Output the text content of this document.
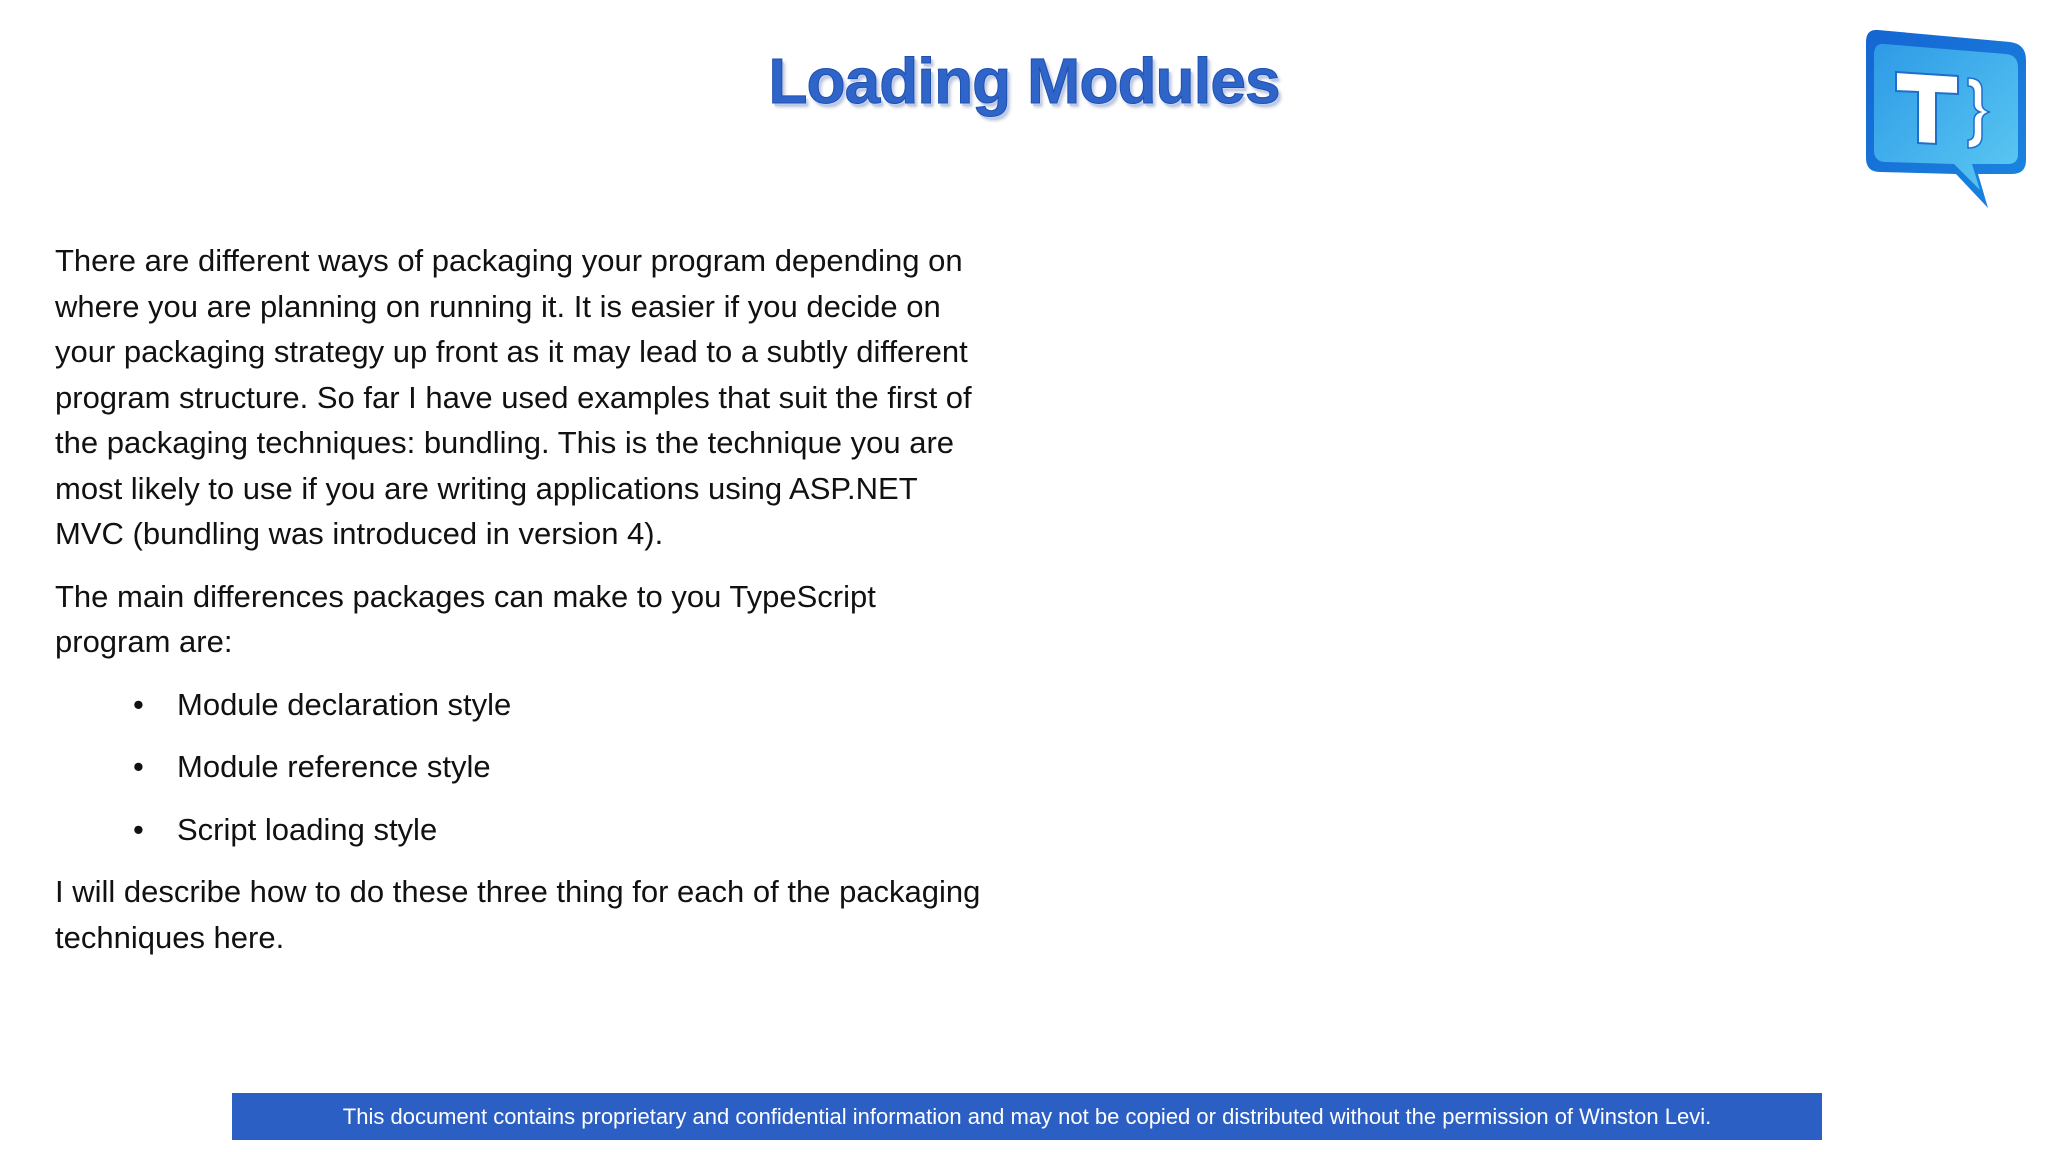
Loading Modules

There are different ways of packaging your program depending on where you are planning on running it. It is easier if you decide on your packaging strategy up front as it may lead to a subtly different program structure. So far I have used examples that suit the first of the packaging techniques: bundling. This is the technique you are most likely to use if you are writing applications using ASP.NET MVC (bundling was introduced in version 4).

The main differences packages can make to you TypeScript program are:

• Module declaration style
• Module reference style
• Script loading style

I will describe how to do these three thing for each of the packaging techniques here.

This document contains proprietary and confidential information and may not be copied or distributed without the permission of Winston Levi.
